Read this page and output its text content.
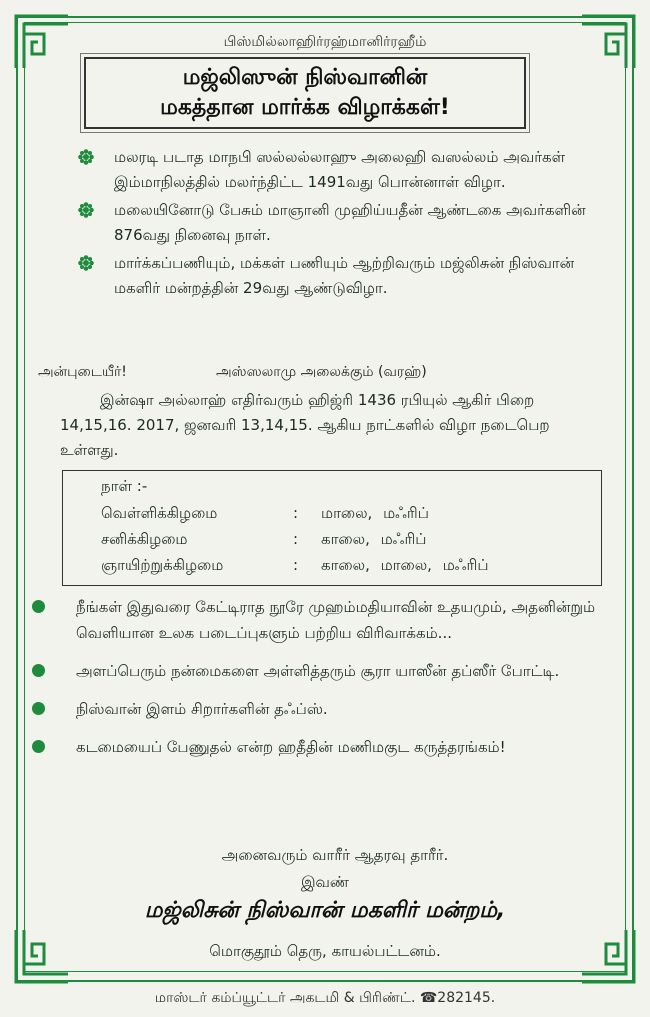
பிஸ்மில்லாஹிர்ரஹ்மானிர்ரஹீம்
மஜ்லிஸுன் நிஸ்வானின்
மகத்தான மார்க்க விழாக்கள்!
மலரடி படாத மாநபி ஸல்லல்லாஹு அலைஹி வஸல்லம் அவர்கள் இம்மாநிலத்தில் மலர்ந்திட்ட 1491வது பொன்னாள் விழா.
மலையினோடு பேசும் மாஞானி முஹிய்யதீன் ஆண்டகை அவர்களின் 876வது நினைவு நாள்.
மார்க்கப்பணியும், மக்கள் பணியும் ஆற்றிவரும் மஜ்லிசுன் நிஸ்வான் மகளிர் மன்றத்தின் 29வது ஆண்டுவிழா.
அன்புடையீர்!	அஸ்ஸலாமு அலைக்கும் (வரஹ்)
இன்ஷா அல்லாஹ் எதிர்வரும் ஹிஜ்ரி 1436 ரபியுல் ஆகிர் பிறை 14,15,16. 2017, ஜனவரி 13,14,15. ஆகிய நாட்களில் விழா நடைபெற உள்ளது.
நாள் :-
வெள்ளிக்கிழமை	: மாலை, மஃரிப்
சனிக்கிழமை	: காலை, மஃரிப்
ஞாயிற்றுக்கிழமை	: காலை, மாலை, மஃரிப்
நீங்கள் இதுவரை கேட்டிராத நூரே முஹம்மதியாவின் உதயமும், அதனின்றும் வெளியான உலக படைப்புகளும் பற்றிய விரிவாக்கம்...
அளப்பெரும் நன்மைகளை அள்ளித்தரும் சூரா யாஸீன் தப்ஸீர் போட்டி.
நிஸ்வான் இளம் சிறார்களின் தஃப்ஸ்.
கடமையைப் பேணுதல் என்ற ஹதீதின் மணிமகுட கருத்தரங்கம்!
அனைவரும் வாரீர் ஆதரவு தாரீர்.
இவண்
மஜ்லிசுன் நிஸ்வான் மகளிர் மன்றம்,
மொகுதூம் தெரு, காயல்பட்டனம்.
மாஸ்டர் கம்ப்யூட்டர் அகடமி & பிரிண்ட். ☎282145.
